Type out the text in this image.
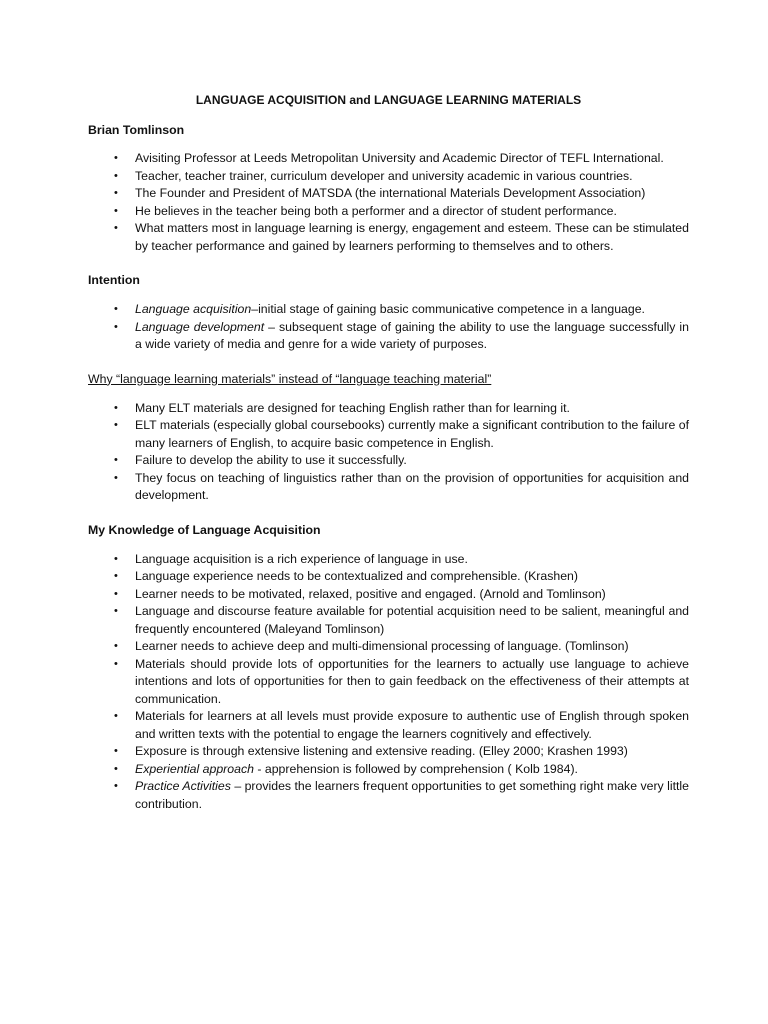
LANGUAGE ACQUISITION and LANGUAGE LEARNING MATERIALS

Brian Tomlinson

• Avisiting Professor at Leeds Metropolitan University and Academic Director of TEFL International.
• Teacher, teacher trainer, curriculum developer and university academic in various countries.
• The Founder and President of MATSDA (the international Materials Development Association)
• He believes in the teacher being both a performer and a director of student performance.
• What matters most in language learning is energy, engagement and esteem. These can be stimulated by teacher performance and gained by learners performing to themselves and to others.

Intention

• Language acquisition–initial stage of gaining basic communicative competence in a language.
• Language development – subsequent stage of gaining the ability to use the language successfully in a wide variety of media and genre for a wide variety of purposes.

Why “language learning materials” instead of “language teaching material”

• Many ELT materials are designed for teaching English rather than for learning it.
• ELT materials (especially global coursebooks) currently make a significant contribution to the failure of many learners of English, to acquire basic competence in English.
• Failure to develop the ability to use it successfully.
• They focus on teaching of linguistics rather than on the provision of opportunities for acquisition and development.

My Knowledge of Language Acquisition

• Language acquisition is a rich experience of language in use.
• Language experience needs to be contextualized and comprehensible. (Krashen)
• Learner needs to be motivated, relaxed, positive and engaged. (Arnold and Tomlinson)
• Language and discourse feature available for potential acquisition need to be salient, meaningful and frequently encountered (Maleyand Tomlinson)
• Learner needs to achieve deep and multi-dimensional processing of language. (Tomlinson)
• Materials should provide lots of opportunities for the learners to actually use language to achieve intentions and lots of opportunities for then to gain feedback on the effectiveness of their attempts at communication.
• Materials for learners at all levels must provide exposure to authentic use of English through spoken and written texts with the potential to engage the learners cognitively and effectively.
• Exposure is through extensive listening and extensive reading. (Elley 2000; Krashen 1993)
• Experiential approach - apprehension is followed by comprehension ( Kolb 1984).
• Practice Activities – provides the learners frequent opportunities to get something right make very little contribution.
